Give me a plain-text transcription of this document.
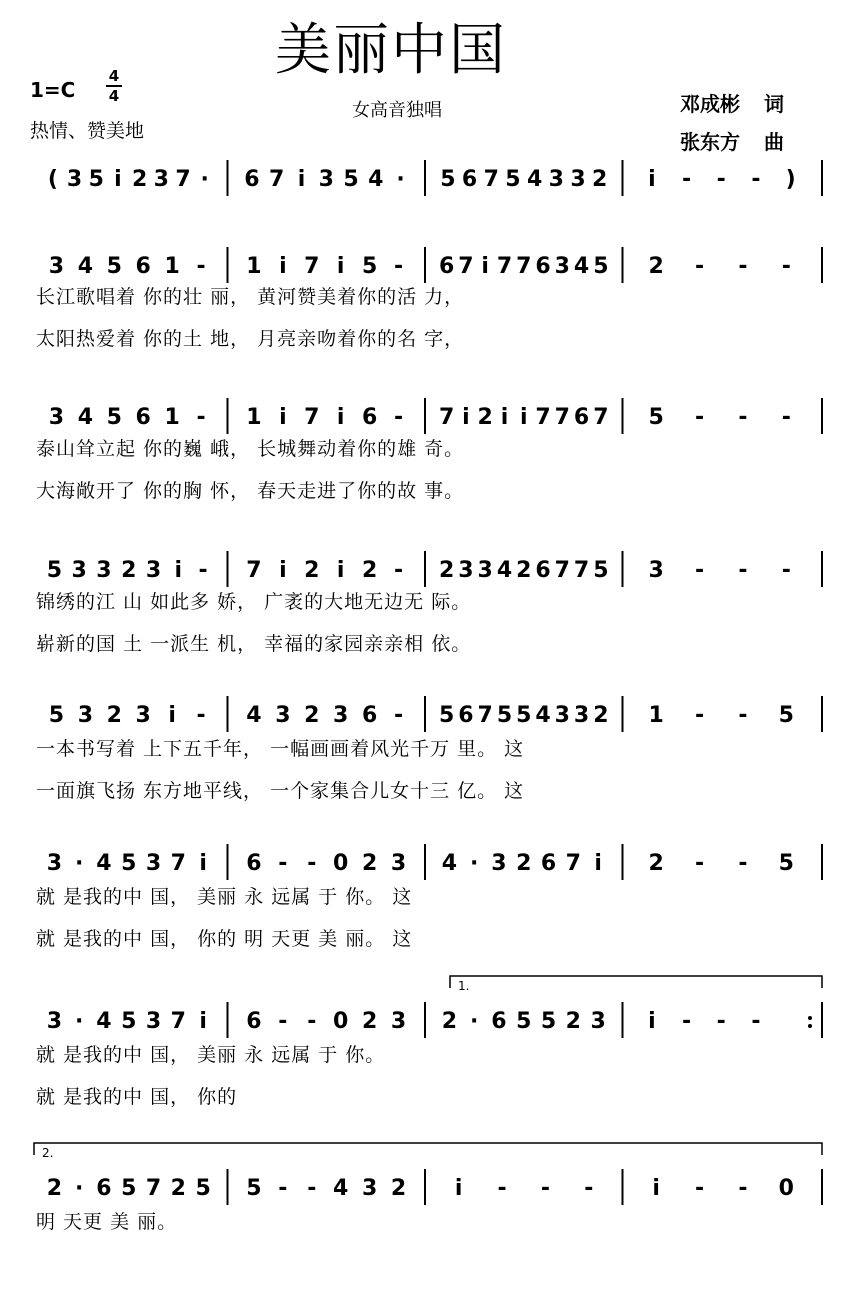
美丽中国
1=C
4
4
热情、赞美地
女高音独唱	邓成彬 词
张东方 曲
( 3 5 i 2 3 7 · 6 7 i 3 5 4 · 5 6 7 5 4 3 3 2 i - - - )
3 4 5 6 1 - 1 i 7 i 5 - 6 7 i 7 7 6 3 4 5 2 - - -
3 4 5 6 1 - 1 i 7 i 6 - 7 i 2 i i 7 7 6 7 5 - - -
5 3 3 2 3 i - 7 i 2 i 2 - 2 3 3 4 2 6 7 7 5 3 - - -
5 3 2 3 i - 4 3 2 3 6 - 5 6 7 5 5 4 3 3 2 1 - - 5
3 · 4 5 3 7 i 6 - - 0 2 3 4 · 3 2 6 7 i 2 - - 5
3 · 4 5 3 7 i 6 - - 0 2 3 2 · 6 5 5 2 3 i - - -
1.
2 · 6 5 7 2 5 5 - - 4 3 2 i - - -	i - - 0
2.
长江歌唱着 你的壮 丽， 黄河赞美着你的活 力，
太阳热爱着 你的土 地， 月亮亲吻着你的名 字，
泰山耸立起 你的巍 峨， 长城舞动着你的雄 奇。
大海敞开了 你的胸 怀， 春天走进了你的故 事。
锦绣的江 山 如此多 娇， 广袤的大地无边无 际。
崭新的国 土 一派生 机， 幸福的家园亲亲相 依。
一本书写着 上下五千年， 一幅画画着风光千万 里。 这
一面旗飞扬 东方地平线， 一个家集合儿女十三 亿。 这
就 是我的中 国， 美丽 永 远属 于 你。 这
就 是我的中 国， 你的 明 天更 美 丽。 这
就 是我的中 国， 美丽 永 远属 于 你。
就 是我的中 国， 你的
明 天更 美 丽。
